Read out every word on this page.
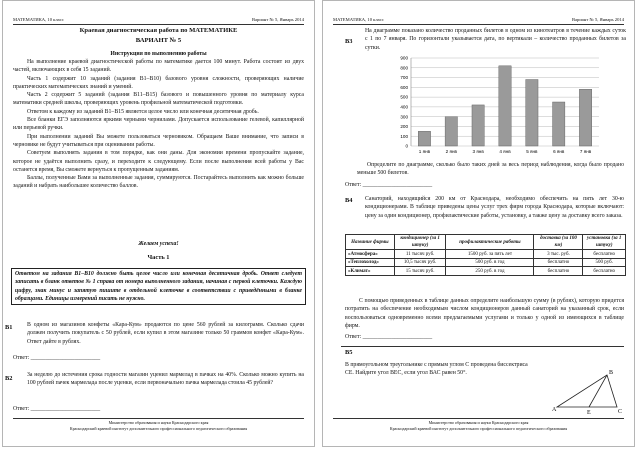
МАТЕМАТИКА, 10 класс	Вариант № 5, Январь 2014

Краевая диагностическая работа по МАТЕМАТИКЕ

ВАРИАНТ № 5

Инструкция по выполнению работы

На выполнение краевой диагностической работы по математике дается 100 минут. Работа состоит из двух частей, включающих в себя 15 заданий.
Часть 1 содержит 10 заданий (задания В1–В10) базового уровня сложности, проверяющих наличие практических математических знаний и умений.
Часть 2 содержит 5 заданий (задания В11–В15) базового и повышенного уровня по материалу курса математики средней школы, проверяющих уровень профильной математической подготовки.
Ответом к каждому из заданий В1–В15 является целое число или конечная десятичная дробь.
Все бланки ЕГЭ заполняются яркими черными чернилами. Допускается использование гелевой, капиллярной или перьевой ручки.
При выполнении заданий Вы можете пользоваться черновиком. Обращаем Ваше внимание, что записи в черновике не будут учитываться при оценивании работы.
Советуем выполнять задания в том порядке, как они даны. Для экономии времени пропускайте задание, которое не удаётся выполнить сразу, и переходите к следующему. Если после выполнения всей работы у Вас останется время, Вы сможете вернуться к пропущенным заданиям.
Баллы, полученные Вами за выполненные задания, суммируются. Постарайтесь выполнить как можно больше заданий и набрать наибольшее количество баллов.

Желаем успеха!

Часть 1

Ответом на задания В1–В10 должно быть целое число или конечная десятичная дробь. Ответ следует записать в бланк ответов № 1 справа от номера выполненного задания, начиная с первой клеточки. Каждую цифру, знак минус и запятую пишите в отдельной клеточке в соответствии с приведёнными в бланке образцами. Единицы измерений писать не нужно.
В1	В одном из магазинов конфеты «Кара-Кум» продаются по цене 560 рублей за килограмм. Сколько сдачи должен получить покупатель с 50 рублей, если купил в этом магазине только 50 граммов конфет «Кара-Кум». Ответ дайте в рублях.

Ответ: ________________________

В2	За неделю до истечения срока годности магазин уценил мармелад в пачках на 40%. Сколько можно купить на 100 рублей пачек мармелада после уценки, если первоначально пачка мармелада стоила 45 рублей?

Ответ: ________________________

Министерство образования и науки Краснодарского края
Краснодарский краевой институт дополнительного профессионального педагогического образования
МАТЕМАТИКА, 10 класс	Вариант № 5, Январь 2014
В3

На диаграмме показано количество проданных билетов в одном из кинотеатров в течение каждых суток с 1 по 7 января. По горизонтали указывается дата, по вертикали – количество проданных билетов за сутки.

0
100
200
300
400
500
600
700
800
900
1 янв	2 янв	3 янв	4 янв	5 янв	6 янв	7 янв

Определите по диаграмме, сколько было таких дней за весь период наблюдения, когда было продано меньше 500 билетов.

Ответ: ________________________

В4 Санаторий, находящийся 200 км от Краснодара, необходимо обеспечить на пять лет 30-ю кондиционерами. В таблице приведены цены услуг трех фирм города Краснодара, которые включают: цену за один кондиционер, профилактические работы, установку, а также цену за доставку всего заказа.

Название фирмы	кондиционер (за 1 штуку)	профилактические работы	доставка (за 100 км)	установка (за 1 штуку)
«Атмосфера»	11 тысяч руб.	1500 руб. за пять лет	3 тыс. руб.	бесплатно
«Теплохолод»	10,5 тысяч руб.	500 руб. в год	бесплатно	500 руб.
«Климат»	15 тысяч руб.	250 руб. в год	бесплатно	бесплатно

С помощью приведенных в таблице данных определите наибольшую сумму (в рублях), которую придется потратить на обеспечение необходимым числом кондиционеров данный санаторий на указанный срок, если воспользоваться одновременно всеми предлагаемыми услугами и только у одной из имеющихся в таблице фирм.

Ответ: ________________________

В5

В прямоугольном треугольнике с прямым углом С проведена биссектриса СЕ. Найдите угол ВЕС, если угол ВАС равен 50°.

A
B
C
E
Министерство образования и науки Краснодарского края
Краснодарский краевой институт дополнительного профессионального педагогического образования
